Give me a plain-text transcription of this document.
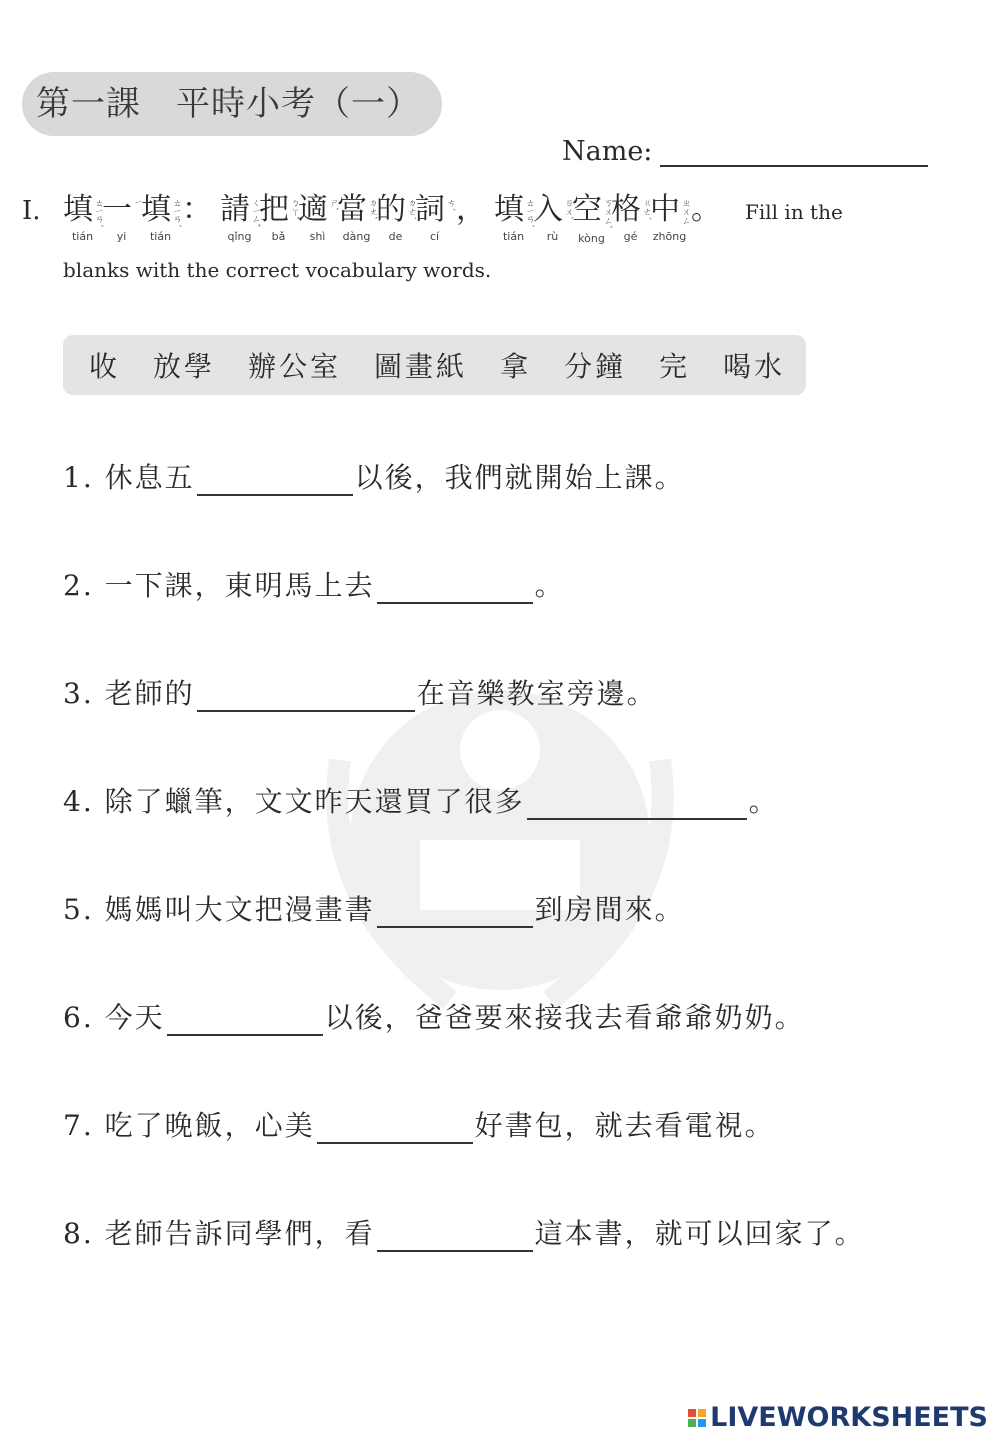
第一課　平時小考（一）
Name:
I. 填 ㄊㄧㄢˊ
tián
一 ㄧ
yi
填 ㄊㄧㄢˊ
tián
： 請 ㄑㄧㄥˇ
qǐng
把 ㄅㄚˇ
bǎ
適 ㄕˋ
shì
當 ㄉㄤˋ
dàng
的 ㄉㄜ˙
de
詞 ㄘˊ
cí
， 填 ㄊㄧㄢˊ
tián
入 ㄖㄨˋ
rù
空 ㄎㄨㄥˋ
kòng
格 ㄍㄜˊ
gé
中 ㄓㄨㄥ
zhōng
。	Fill in the
blanks with the correct vocabulary words.
收 放學 辦公室 圖畫紙 拿 分鐘 完 喝水
1. 休息五	以後，我們就開始上課。
2. 一下課，東明馬上去	。
3. 老師的	在音樂教室旁邊。
4. 除了蠟筆，文文昨天還買了很多	。
5. 媽媽叫大文把漫畫書	到房間來。
6. 今天	以後，爸爸要來接我去看爺爺奶奶。
7. 吃了晚飯，心美	好書包，就去看電視。
8. 老師告訴同學們，看	這本書，就可以回家了。
LIVEWORKSHEETS
